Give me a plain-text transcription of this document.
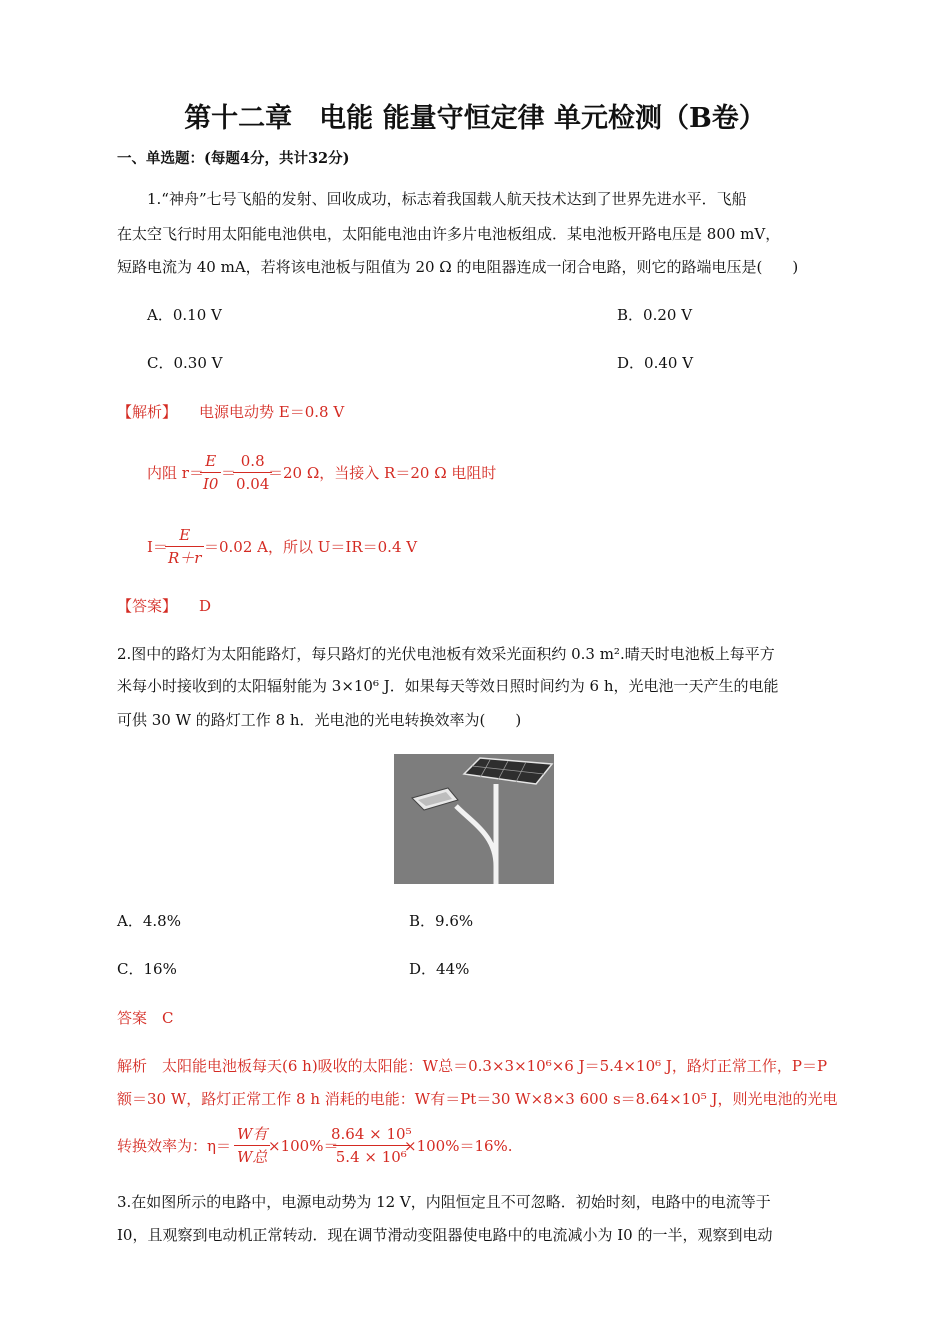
第十二章　电能 能量守恒定律 单元检测（B卷）
一、单选题：(每题4分，共计32分)
1.“神舟”七号飞船的发射、回收成功，标志着我国载人航天技术达到了世界先进水平．飞船
在太空飞行时用太阳能电池供电，太阳能电池由许多片电池板组成．某电池板开路电压是 800 mV，
短路电流为 40 mA，若将该电池板与阻值为 20 Ω 的电阻器连成一闭合电路，则它的路端电压是(　　)
A．0.10 V	B．0.20 V
C．0.30 V	D．0.40 V
【解析】 电源电动势 E＝0.8 V
内阻 r＝
$\frac{E}{I0}$ ＝
$\frac{0.8}{0.04}$
＝20 Ω，当接入 R＝20 Ω 电阻时
I＝
$\frac{E}{R+r} =0.02$ A，所以 U＝IR＝0.4 V
【答案】 D
2.图中的路灯为太阳能路灯，每只路灯的光伏电池板有效采光面积约 0.3 m².晴天时电池板上每平方
米每小时接收到的太阳辐射能为 3×10⁶ J．如果每天等效日照时间约为 6 h，光电池一天产生的电能
可供 30 W 的路灯工作 8 h．光电池的光电转换效率为(　　)
A．4.8%	B．9.6%
C．16%	D．44%
答案　C
解析　太阳能电池板每天(6 h)吸收的太阳能：W总＝0.3×3×10⁶×6 J＝5.4×10⁶ J，路灯正常工作，P＝P
额＝30 W，路灯正常工作 8 h 消耗的电能：W有＝Pt＝30 W×8×3 600 s＝8.64×10⁵ J，则光电池的光电
转换效率为：η＝
W有
W总
×100%＝
$\frac{\text{8.64 × 10⁵}}{\text{5.4 × 10⁶}}$
×100%＝16%.
3.在如图所示的电路中，电源电动势为 12 V，内阻恒定且不可忽略．初始时刻，电路中的电流等于
I0，且观察到电动机正常转动．现在调节滑动变阻器使电路中的电流减小为 I0 的一半，观察到电动
